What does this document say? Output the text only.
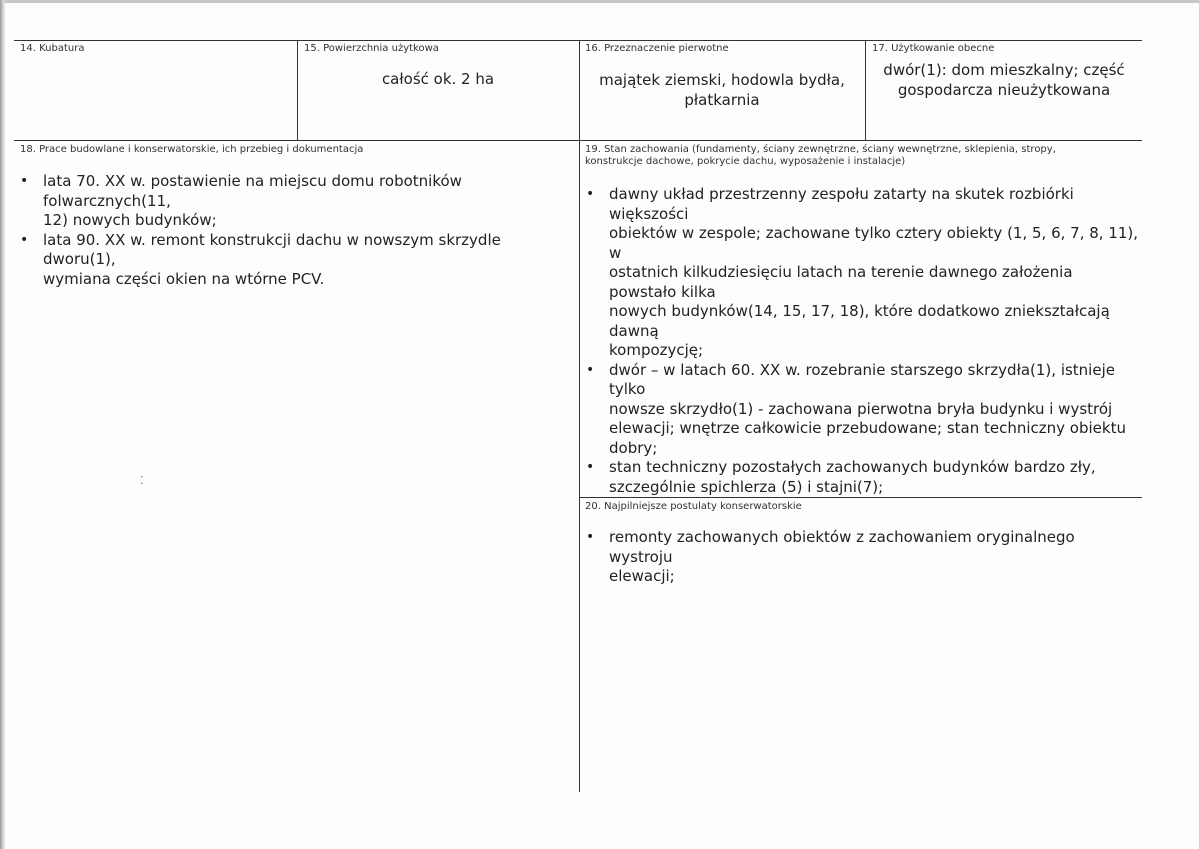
14. Kubatura	15. Powierzchnia użytkowa
całość ok. 2 ha
16. Przeznaczenie pierwotne
majątek ziemski, hodowla bydła,
płatkarnia
17. Użytkowanie obecne
dwór(1): dom mieszkalny; część
gospodarcza nieużytkowana
18. Prace budowlane i konserwatorskie, ich przebieg i dokumentacja
• lata 70. XX w. postawienie na miejscu domu robotników folwarcznych(11,
12) nowych budynków;
• lata 90. XX w. remont konstrukcji dachu w nowszym skrzydle dworu(1),
wymiana części okien na wtórne PCV.
19. Stan zachowania (fundamenty, ściany zewnętrzne, ściany wewnętrzne, sklepienia, stropy,
konstrukcje dachowe, pokrycie dachu, wyposażenie i instalacje)
• dawny układ przestrzenny zespołu zatarty na skutek rozbiórki większości
obiektów w zespole; zachowane tylko cztery obiekty (1, 5, 6, 7, 8, 11), w
ostatnich kilkudziesięciu latach na terenie dawnego założenia powstało kilka
nowych budynków(14, 15, 17, 18), które dodatkowo zniekształcają dawną
kompozycję;
• dwór – w latach 60. XX w. rozebranie starszego skrzydła(1), istnieje tylko
nowsze skrzydło(1) - zachowana pierwotna bryła budynku i wystrój
elewacji; wnętrze całkowicie przebudowane; stan techniczny obiektu dobry;
• stan techniczny pozostałych zachowanych budynków bardzo zły,
szczególnie spichlerza (5) i stajni(7);
20. Najpilniejsze postulaty konserwatorskie
• remonty zachowanych obiektów z zachowaniem oryginalnego wystroju
elewacji;
⁚
